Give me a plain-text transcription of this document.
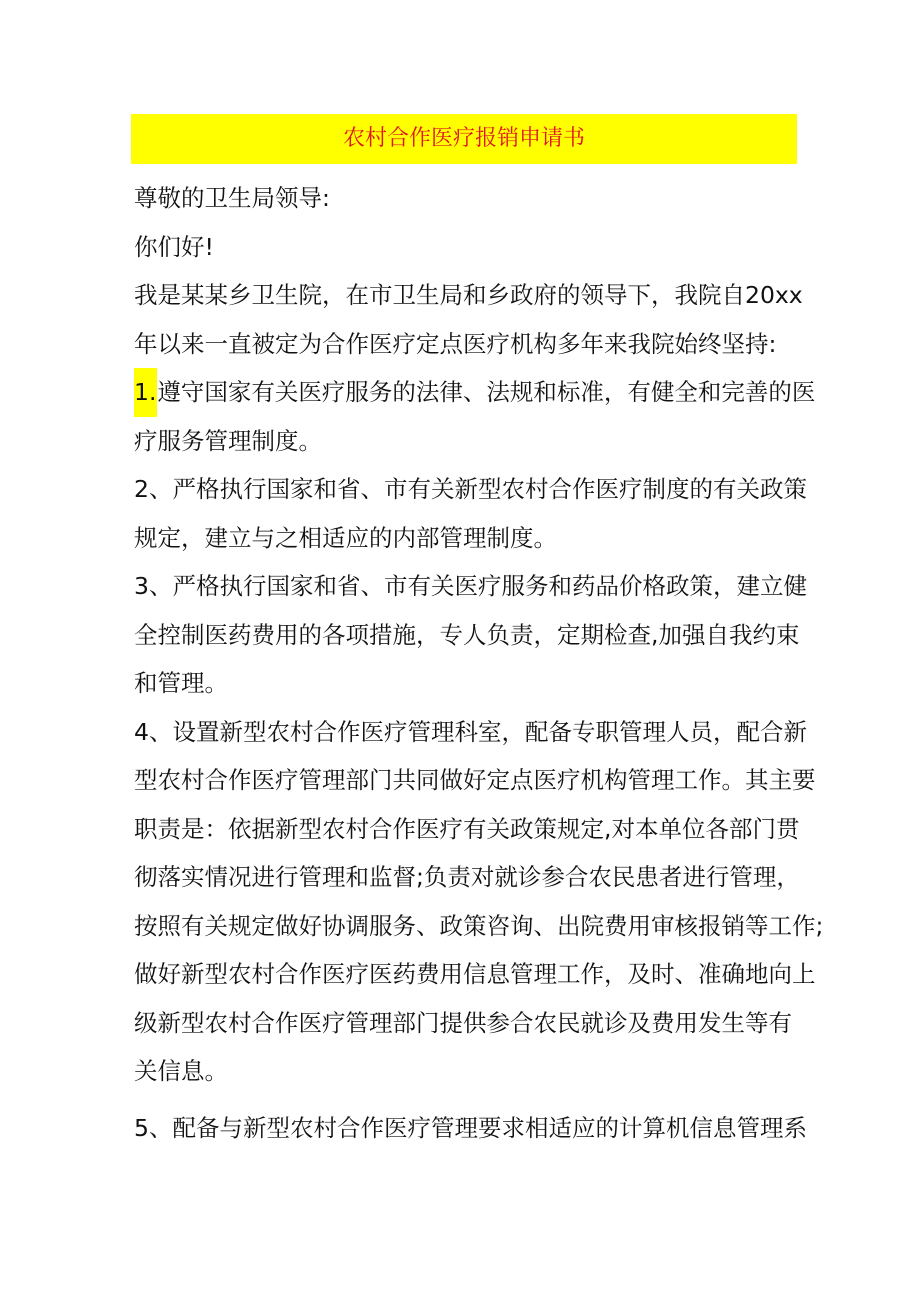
农村合作医疗报销申请书
尊敬的卫生局领导:
你们好!
我是某某乡卫生院，在市卫生局和乡政府的领导下，我院自20xx
年以来一直被定为合作医疗定点医疗机构多年来我院始终坚持:
1.遵守国家有关医疗服务的法律、法规和标准，有健全和完善的医
疗服务管理制度。
2、严格执行国家和省、市有关新型农村合作医疗制度的有关政策
规定，建立与之相适应的内部管理制度。
3、严格执行国家和省、市有关医疗服务和药品价格政策，建立健
全控制医药费用的各项措施，专人负责，定期检查,加强自我约束
和管理。
4、设置新型农村合作医疗管理科室，配备专职管理人员，配合新
型农村合作医疗管理部门共同做好定点医疗机构管理工作。其主要
职责是：依据新型农村合作医疗有关政策规定,对本单位各部门贯
彻落实情况进行管理和监督;负责对就诊参合农民患者进行管理，
按照有关规定做好协调服务、政策咨询、出院费用审核报销等工作;
做好新型农村合作医疗医药费用信息管理工作，及时、准确地向上
级新型农村合作医疗管理部门提供参合农民就诊及费用发生等有
关信息。
5、配备与新型农村合作医疗管理要求相适应的计算机信息管理系
